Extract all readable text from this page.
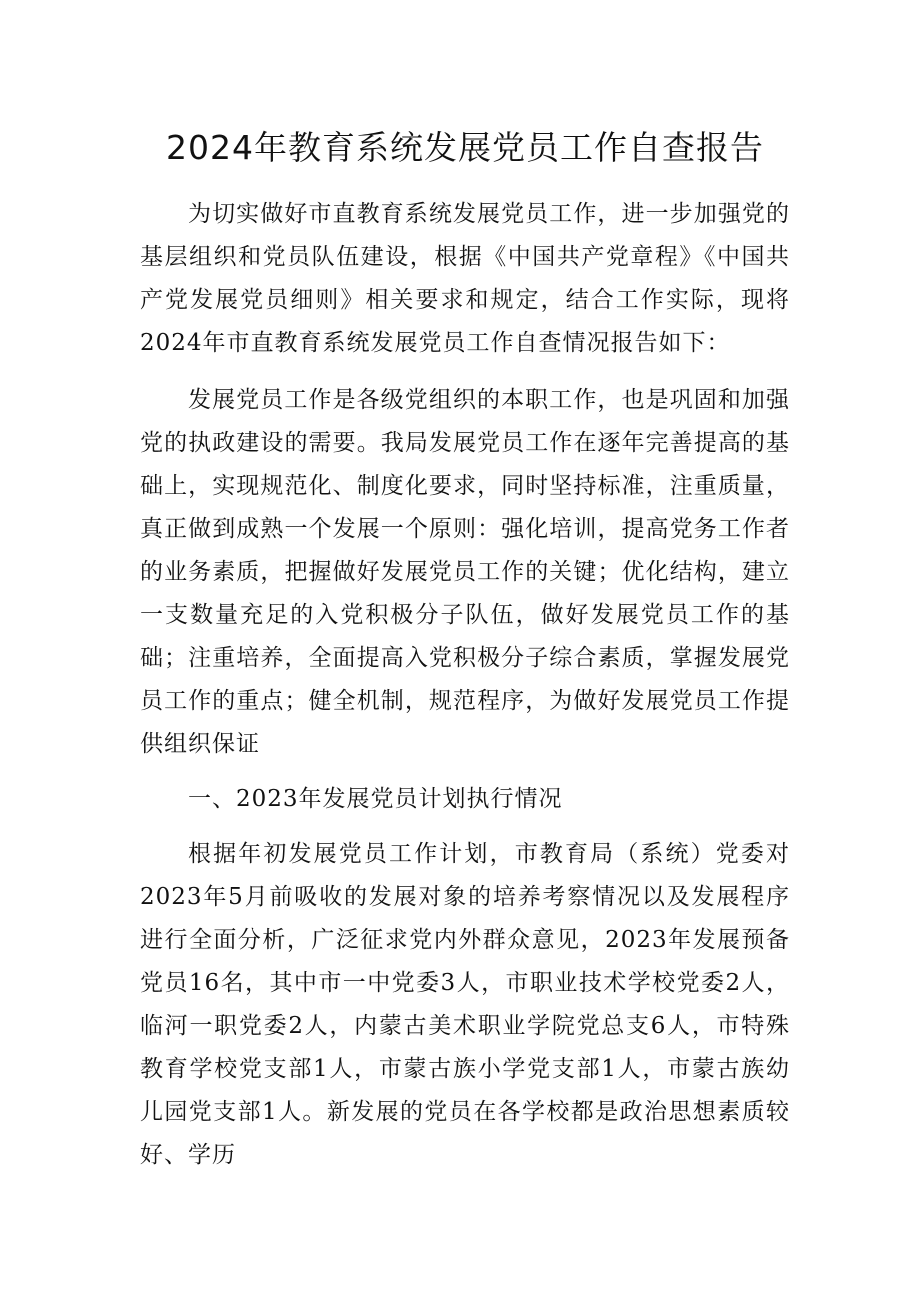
2024年教育系统发展党员工作自查报告

为切实做好市直教育系统发展党员工作，进一步加强党的基层组织和党员队伍建设，根据《中国共产党章程》《中国共产党发展党员细则》相关要求和规定，结合工作实际，现将2024年市直教育系统发展党员工作自查情况报告如下：

发展党员工作是各级党组织的本职工作，也是巩固和加强党的执政建设的需要。我局发展党员工作在逐年完善提高的基础上，实现规范化、制度化要求，同时坚持标准，注重质量，真正做到成熟一个发展一个原则：强化培训，提高党务工作者的业务素质，把握做好发展党员工作的关键；优化结构，建立一支数量充足的入党积极分子队伍，做好发展党员工作的基础；注重培养，全面提高入党积极分子综合素质，掌握发展党员工作的重点；健全机制，规范程序，为做好发展党员工作提供组织保证

一、2023年发展党员计划执行情况

根据年初发展党员工作计划，市教育局（系统）党委对2023年5月前吸收的发展对象的培养考察情况以及发展程序进行全面分析，广泛征求党内外群众意见，2023年发展预备党员16名，其中市一中党委3人，市职业技术学校党委2人，临河一职党委2人，内蒙古美术职业学院党总支6人，市特殊教育学校党支部1人，市蒙古族小学党支部1人，市蒙古族幼儿园党支部1人。新发展的党员在各学校都是政治思想素质较好、学历
